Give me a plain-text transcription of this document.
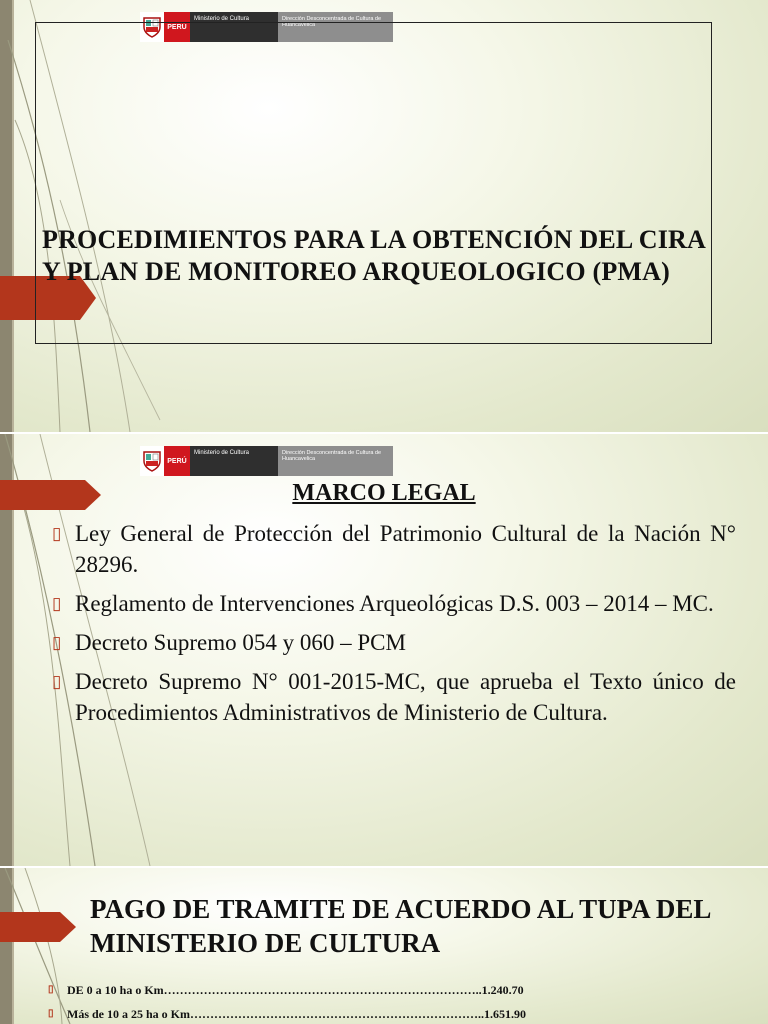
PERÚ
Ministerio de Cultura	Dirección Desconcentrada de Cultura de Huancavelica
PROCEDIMIENTOS PARA LA OBTENCIÓN DEL CIRA Y PLAN DE MONITOREO ARQUEOLOGICO (PMA)
PERÚ
Ministerio de Cultura	Dirección Desconcentrada de Cultura de Huancavelica
MARCO LEGAL
▯ Ley General de Protección del Patrimonio Cultural de la Nación N° 28296.
▯ Reglamento de Intervenciones Arqueológicas D.S. 003 – 2014 – MC.
▯ Decreto Supremo 054 y 060 – PCM
▯ Decreto Supremo N° 001-2015-MC, que aprueba el Texto único de Procedimientos Administrativos de Ministerio de Cultura.
PAGO DE TRAMITE DE ACUERDO AL TUPA DEL MINISTERIO DE CULTURA
▯ DE 0 a 10 ha o Km……………………………………………………………………..1.240.70
▯ Más de 10 a 25 ha o Km………………………………………………………………..1.651.90
